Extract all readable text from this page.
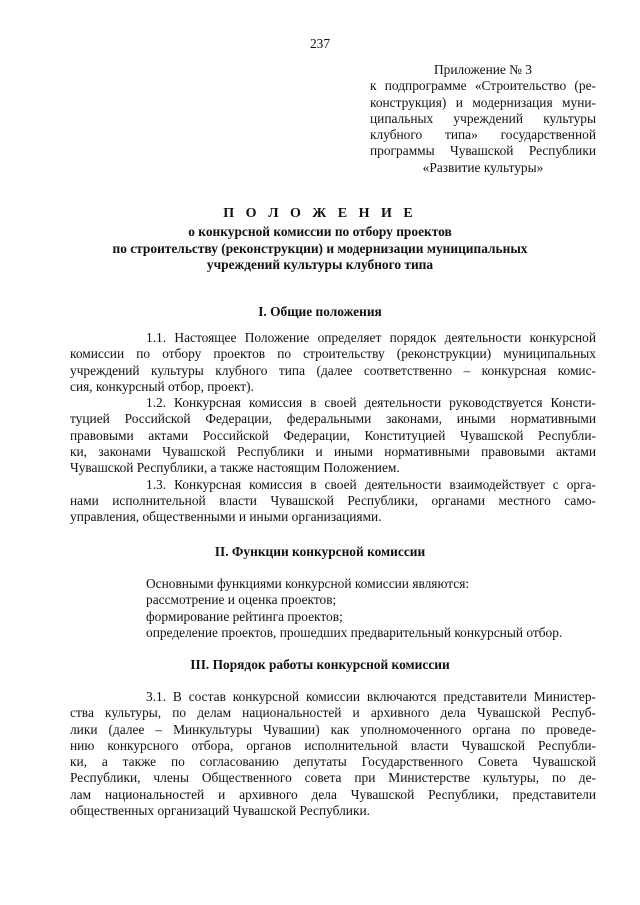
237
Приложение № 3
к подпрограмме «Строительство (ре-
конструкция) и модернизация муни-
ципальных учреждений культуры
клубного типа» государственной
программы Чувашской Республики
«Развитие культуры»
П О Л О Ж Е Н И Е
о конкурсной комиссии по отбору проектов
по строительству (реконструкции) и модернизации муниципальных
учреждений культуры клубного типа
I. Общие положения

1.1. Настоящее Положение определяет порядок деятельности конкурсной
комиссии по отбору проектов по строительству (реконструкции) муниципальных
учреждений культуры клубного типа (далее соответственно – конкурсная комис-
сия, конкурсный отбор, проект).

1.2. Конкурсная комиссия в своей деятельности руководствуется Консти-
туцией Российской Федерации, федеральными законами, иными нормативными
правовыми актами Российской Федерации, Конституцией Чувашской Республи-
ки, законами Чувашской Республики и иными нормативными правовыми актами
Чувашской Республики, а также настоящим Положением.

1.3. Конкурсная комиссия в своей деятельности взаимодействует с орга-
нами исполнительной власти Чувашской Республики, органами местного само-
управления, общественными и иными организациями.

II. Функции конкурсной комиссии
Основными функциями конкурсной комиссии являются:
рассмотрение и оценка проектов;
формирование рейтинга проектов;
определение проектов, прошедших предварительный конкурсный отбор.
III. Порядок работы конкурсной комиссии

3.1. В состав конкурсной комиссии включаются представители Министер-
ства культуры, по делам национальностей и архивного дела Чувашской Респуб-
лики (далее – Минкультуры Чувашии) как уполномоченного органа по проведе-
нию конкурсного отбора, органов исполнительной власти Чувашской Республи-
ки, а также по согласованию депутаты Государственного Совета Чувашской
Республики, члены Общественного совета при Министерстве культуры, по де-
лам национальностей и архивного дела Чувашской Республики, представители
общественных организаций Чувашской Республики.
